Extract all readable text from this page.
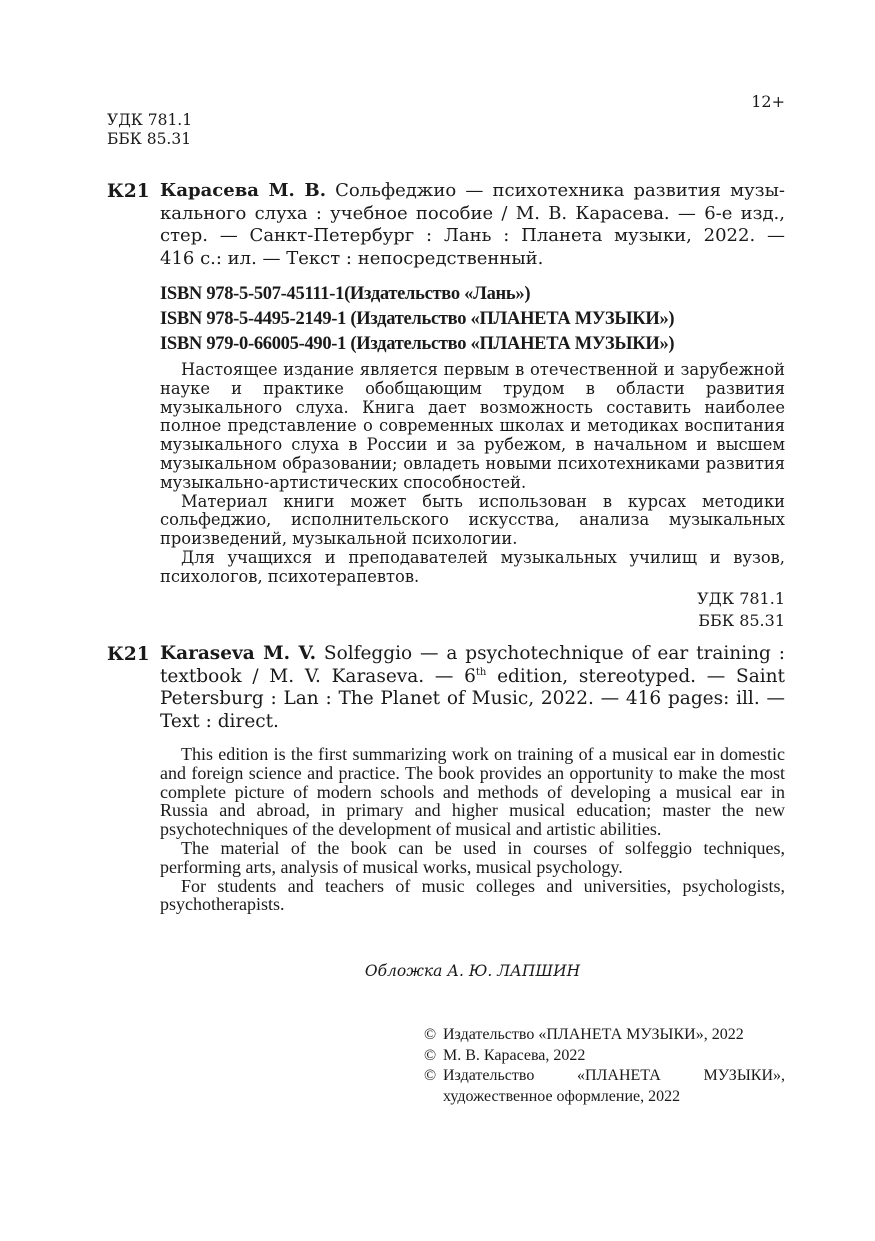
12+
УДК 781.1
ББК 85.31
К21 Карасева М. В. Сольфеджио — психотехника развития музы-
кального слуха : учебное пособие / М. В. Карасева. — 6-е изд.,
стер. — Санкт-Петербург : Лань : Планета музыки, 2022. —
416 с.: ил. — Текст : непосредственный.
ISBN 978-5-507-45111-1(Издательство «Лань»)
ISBN 978-5-4495-2149-1 (Издательство «ПЛАНЕТА МУЗЫКИ»)
ISBN 979-0-66005-490-1 (Издательство «ПЛАНЕТА МУЗЫКИ»)

Настоящее издание является первым в отечественной и зарубежной науке и практике обобщающим трудом в области развития музыкального слуха. Книга дает возможность составить наиболее полное представление о современных школах и методиках воспитания музыкального слуха в России и за рубежом, в начальном и высшем музыкальном образовании; овладеть новыми психотехниками развития музыкально-артистических способностей.

Материал книги может быть использован в курсах методики сольфеджио, исполнительского искусства, анализа музыкальных произведений, музыкальной психологии.

Для учащихся и преподавателей музыкальных училищ и вузов, психологов, психотерапевтов.

УДК 781.1
ББК 85.31
К21 Karaseva M. V. Solfeggio — a psychotechnique of ear training :
textbook / M. V. Karaseva. — 6th edition, stereotyped. — Saint
Petersburg : Lan : The Planet of Music, 2022. — 416 pages: ill. —
Text : direct.

This edition is the first summarizing work on training of a musical ear in domestic and foreign science and practice. The book provides an opportunity to make the most complete picture of modern schools and methods of developing a musical ear in Russia and abroad, in primary and higher musical education; master the new psychotechniques of the development of musical and artistic abilities.

The material of the book can be used in courses of solfeggio techniques, performing arts, analysis of musical works, musical psychology.

For students and teachers of music colleges and universities, psychologists, psychotherapists.

Обложка А. Ю. ЛАПШИН
© Издательство «ПЛАНЕТА МУЗЫКИ», 2022
© М. В. Карасева, 2022
© Издательство «ПЛАНЕТА МУЗЫКИ»,
художественное оформление, 2022
